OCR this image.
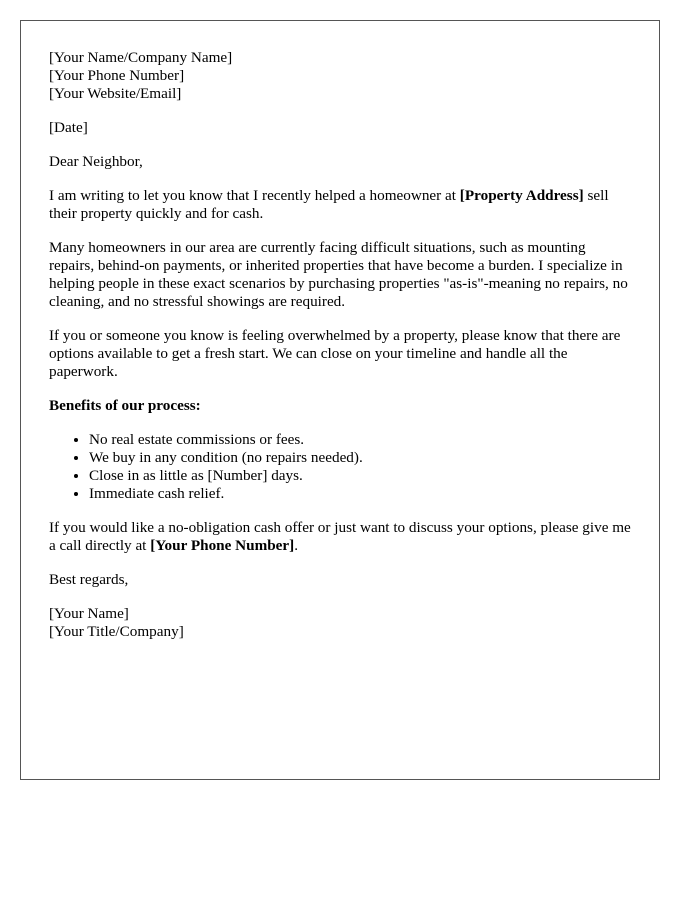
[Your Name/Company Name]
[Your Phone Number]
[Your Website/Email]
[Date]
Dear Neighbor,

I am writing to let you know that I recently helped a homeowner at [Property Address] sell their property quickly and for cash.

Many homeowners in our area are currently facing difficult situations, such as mounting repairs, behind-on payments, or inherited properties that have become a burden. I specialize in helping people in these exact scenarios by purchasing properties "as-is"-meaning no repairs, no cleaning, and no stressful showings are required.

If you or someone you know is feeling overwhelmed by a property, please know that there are options available to get a fresh start. We can close on your timeline and handle all the paperwork.

Benefits of our process:
• No real estate commissions or fees.
• We buy in any condition (no repairs needed).
• Close in as little as [Number] days.
• Immediate cash relief.

If you would like a no-obligation cash offer or just want to discuss your options, please give me a call directly at [Your Phone Number].

Best regards,
[Your Name]
[Your Title/Company]
